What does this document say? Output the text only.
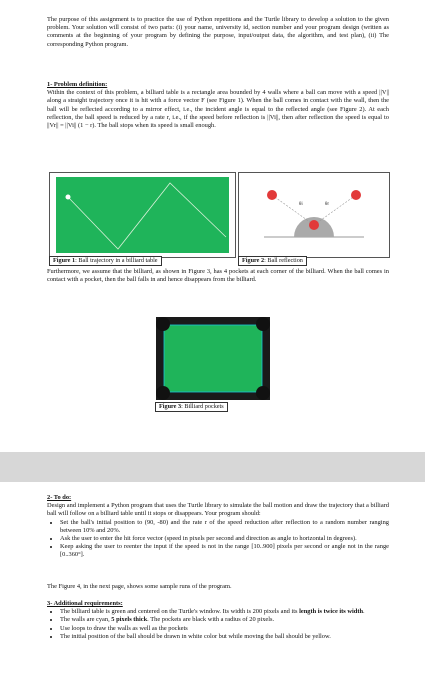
The purpose of this assignment is to practice the use of Python repetitions and the Turtle library to develop a solution to the given problem. Your solution will consist of two parts: (i) your name, university id, section number and your program design (written as comments at the beginning of your program by defining the purpose, input/output data, the algorithm, and test plan), (ii) The corresponding Python program.
1- Problem definition:
Within the context of this problem, a billiard table is a rectangle area bounded by 4 walls where a ball can move with a speed ||V|| along a straight trajectory once it is hit with a force vector F (see Figure 1). When the ball comes in contact with the wall, then the ball will be reflected according to a mirror effect, i.e., the incident angle is equal to the reflected angle (see Figure 2). At each reflection, the ball speed is reduced by a rate r, i.e., if the speed before reflection is ||Vi||, then after reflection the speed is equal to ||Vr|| = ||Vi|| (1 − r). The ball stops when its speed is small enough.
Figure 1: Ball trajectory in a billiard table
θi	θr
Figure 2: Ball reflection
Furthermore, we assume that the billiard, as shown in Figure 3, has 4 pockets at each corner of the billiard. When the ball comes in contact with a pocket, then the ball falls in and hence disappears from the billiard.
Figure 3: Billiard pockets
2- To do:
Design and implement a Python program that uses the Turtle library to simulate the ball motion and draw the trajectory that a billiard ball will follow on a billiard table until it stops or disappears. Your program should:
• Set the ball's initial position to (90, -80) and the rate r of the speed reduction after reflection to a random number ranging between 10% and 20%.
• Ask the user to enter the hit force vector (speed in pixels per second and direction as angle to horizontal in degrees).
• Keep asking the user to reenter the input if the speed is not in the range [10..900] pixels per second or angle not in the range [0..360°].
The Figure 4, in the next page, shows some sample runs of the program.
3- Additional requirements:
• The billiard table is green and centered on the Turtle's window. Its width is 200 pixels and its length is twice its width.
• The walls are cyan, 5 pixels thick. The pockets are black with a radius of 20 pixels.
• Use loops to draw the walls as well as the pockets
• The initial position of the ball should be drawn in white color but while moving the ball should be yellow.
